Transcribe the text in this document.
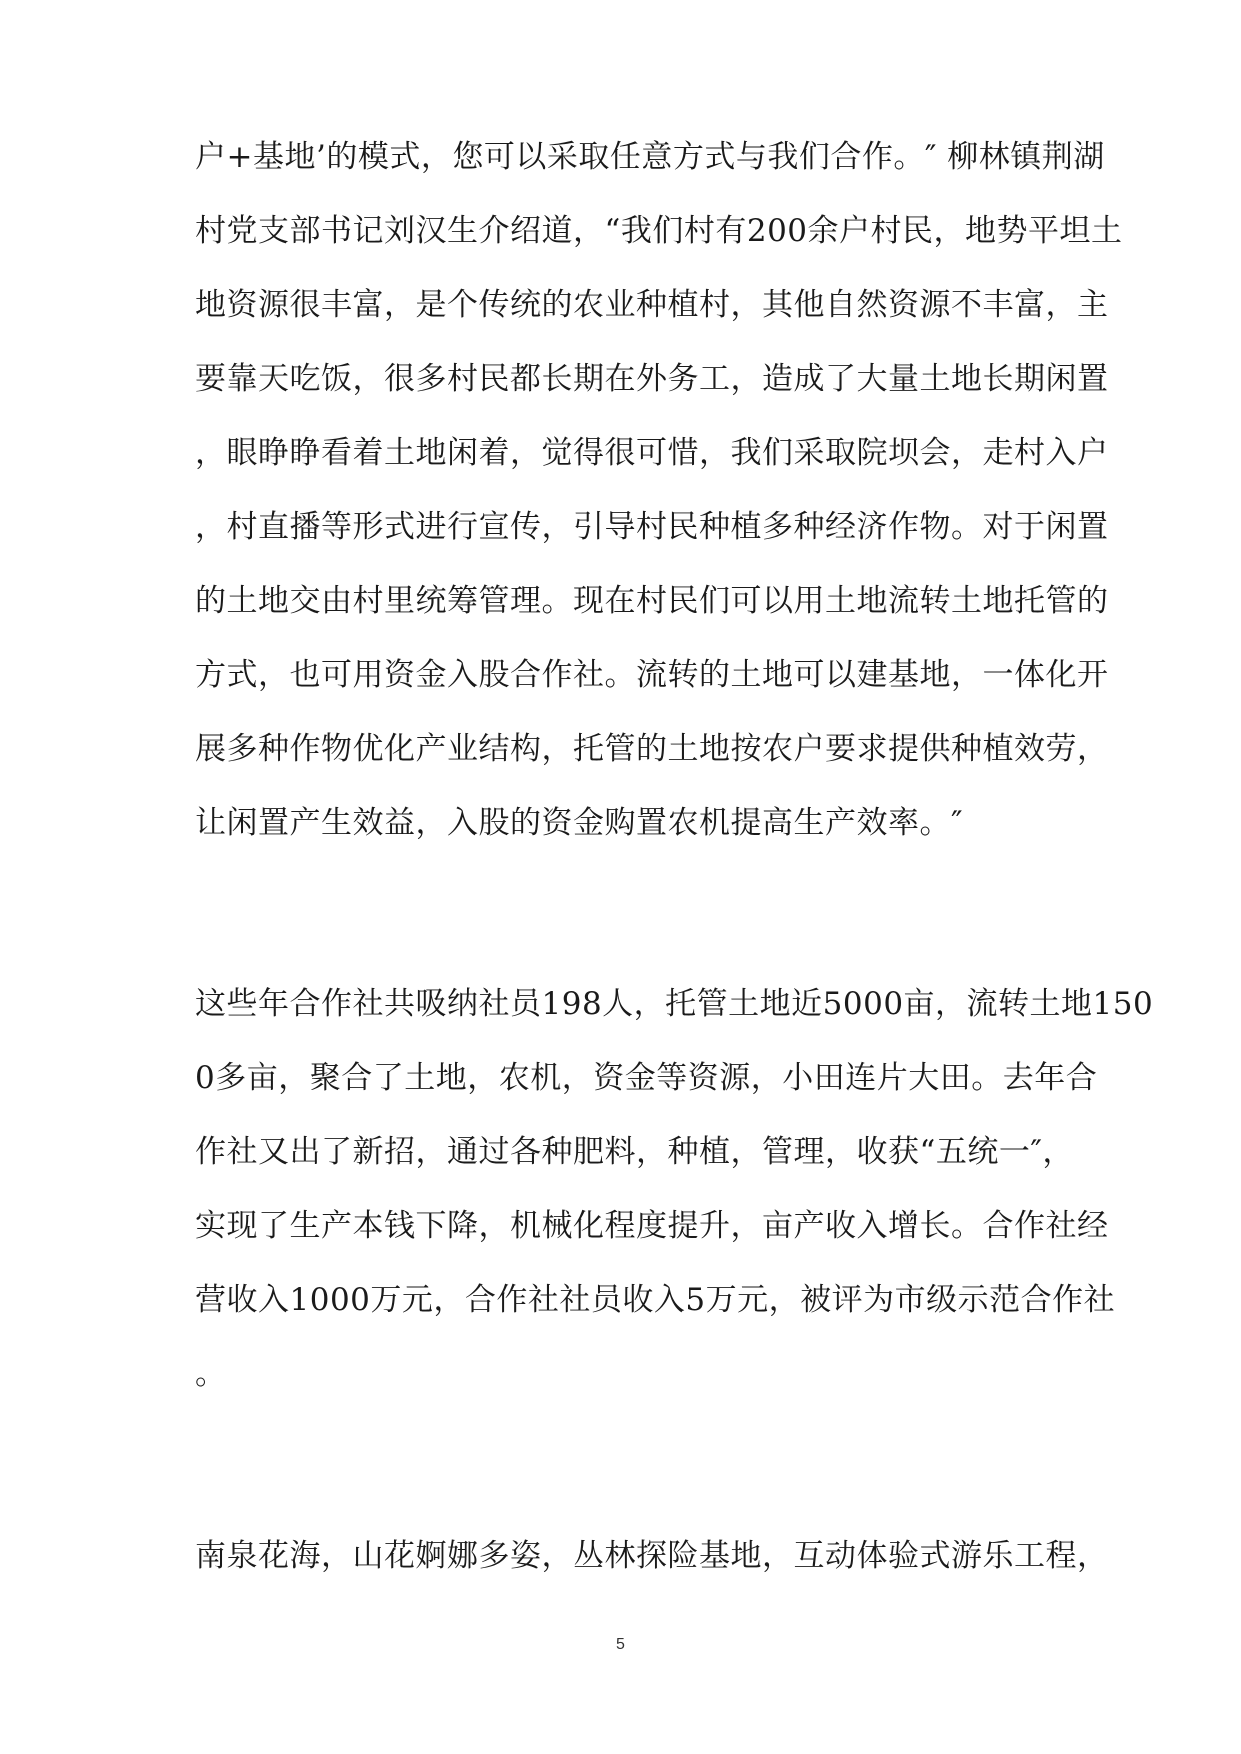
户+基地’的模式，您可以采取任意方式与我们合作。″ 柳林镇荆湖
村党支部书记刘汉生介绍道，“我们村有200余户村民，地势平坦土
地资源很丰富，是个传统的农业种植村，其他自然资源不丰富，主
要靠天吃饭，很多村民都长期在外务工，造成了大量土地长期闲置
，眼睁睁看着土地闲着，觉得很可惜，我们采取院坝会，走村入户
，村直播等形式进行宣传，引导村民种植多种经济作物。对于闲置
的土地交由村里统筹管理。现在村民们可以用土地流转土地托管的
方式，也可用资金入股合作社。流转的土地可以建基地，一体化开
展多种作物优化产业结构，托管的土地按农户要求提供种植效劳，
让闲置产生效益，入股的资金购置农机提高生产效率。″
这些年合作社共吸纳社员198人，托管土地近5000亩，流转土地150
0多亩，聚合了土地，农机，资金等资源，小田连片大田。去年合
作社又出了新招，通过各种肥料，种植，管理，收获“五统一″，
实现了生产本钱下降，机械化程度提升，亩产收入增长。合作社经
营收入1000万元，合作社社员收入5万元，被评为市级示范合作社
。
南泉花海，山花婀娜多姿，丛林探险基地，互动体验式游乐工程，
5
